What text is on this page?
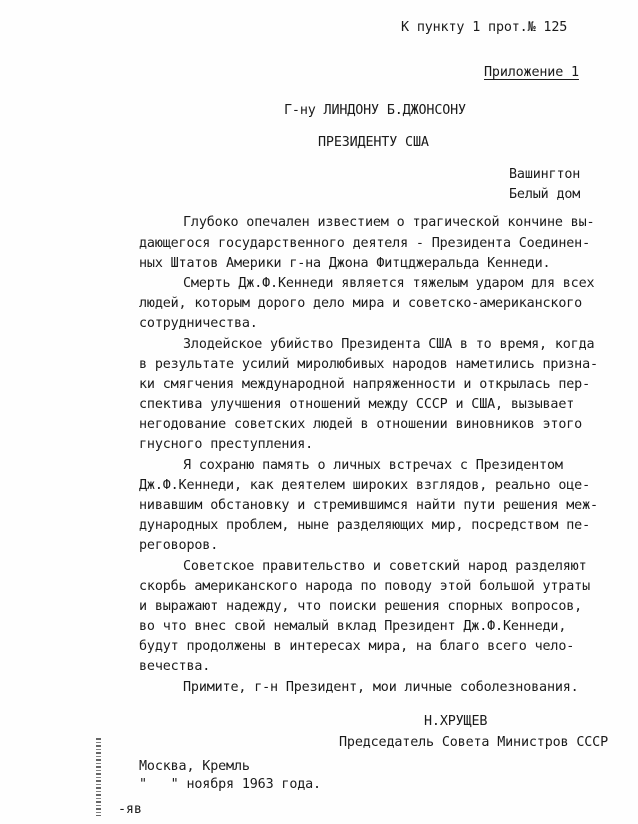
К пункту 1 прот.№ 125
Приложение 1
Г-ну ЛИНДОНУ Б.ДЖОНСОНУ
ПРЕЗИДЕНТУ США
Вашингтон
Белый дом
Глубоко опечален известием о трагической кончине вы-
дающегося государственного деятеля - Президента Соединен-
ных Штатов Америки г-на Джона Фитцджеральда Кеннеди.
Смерть Дж.Ф.Кеннеди является тяжелым ударом для всех
людей, которым дорого дело мира и советско-американского
сотрудничества.
Злодейское убийство Президента США в то время, когда
в результате усилий миролюбивых народов наметились призна-
ки смягчения международной напряженности и открылась пер-
спектива улучшения отношений между СССР и США, вызывает
негодование советских людей в отношении виновников этого
гнусного преступления.
Я сохраню память о личных встречах с Президентом
Дж.Ф.Кеннеди, как деятелем широких взглядов, реально оце-
нивавшим обстановку и стремившимся найти пути решения меж-
дународных проблем, ныне разделяющих мир, посредством пе-
реговоров.
Советское правительство и советский народ разделяют
скорбь американского народа по поводу этой большой утраты
и выражают надежду, что поиски решения спорных вопросов,
во что внес свой немалый вклад Президент Дж.Ф.Кеннеди,
будут продолжены в интересах мира, на благо всего чело-
вечества.
Примите, г-н Президент, мои личные соболезнования.
Н.ХРУЩЕВ
Председатель Совета Министров СССР
Москва, Кремль
"   " ноября 1963 года.
-яв
